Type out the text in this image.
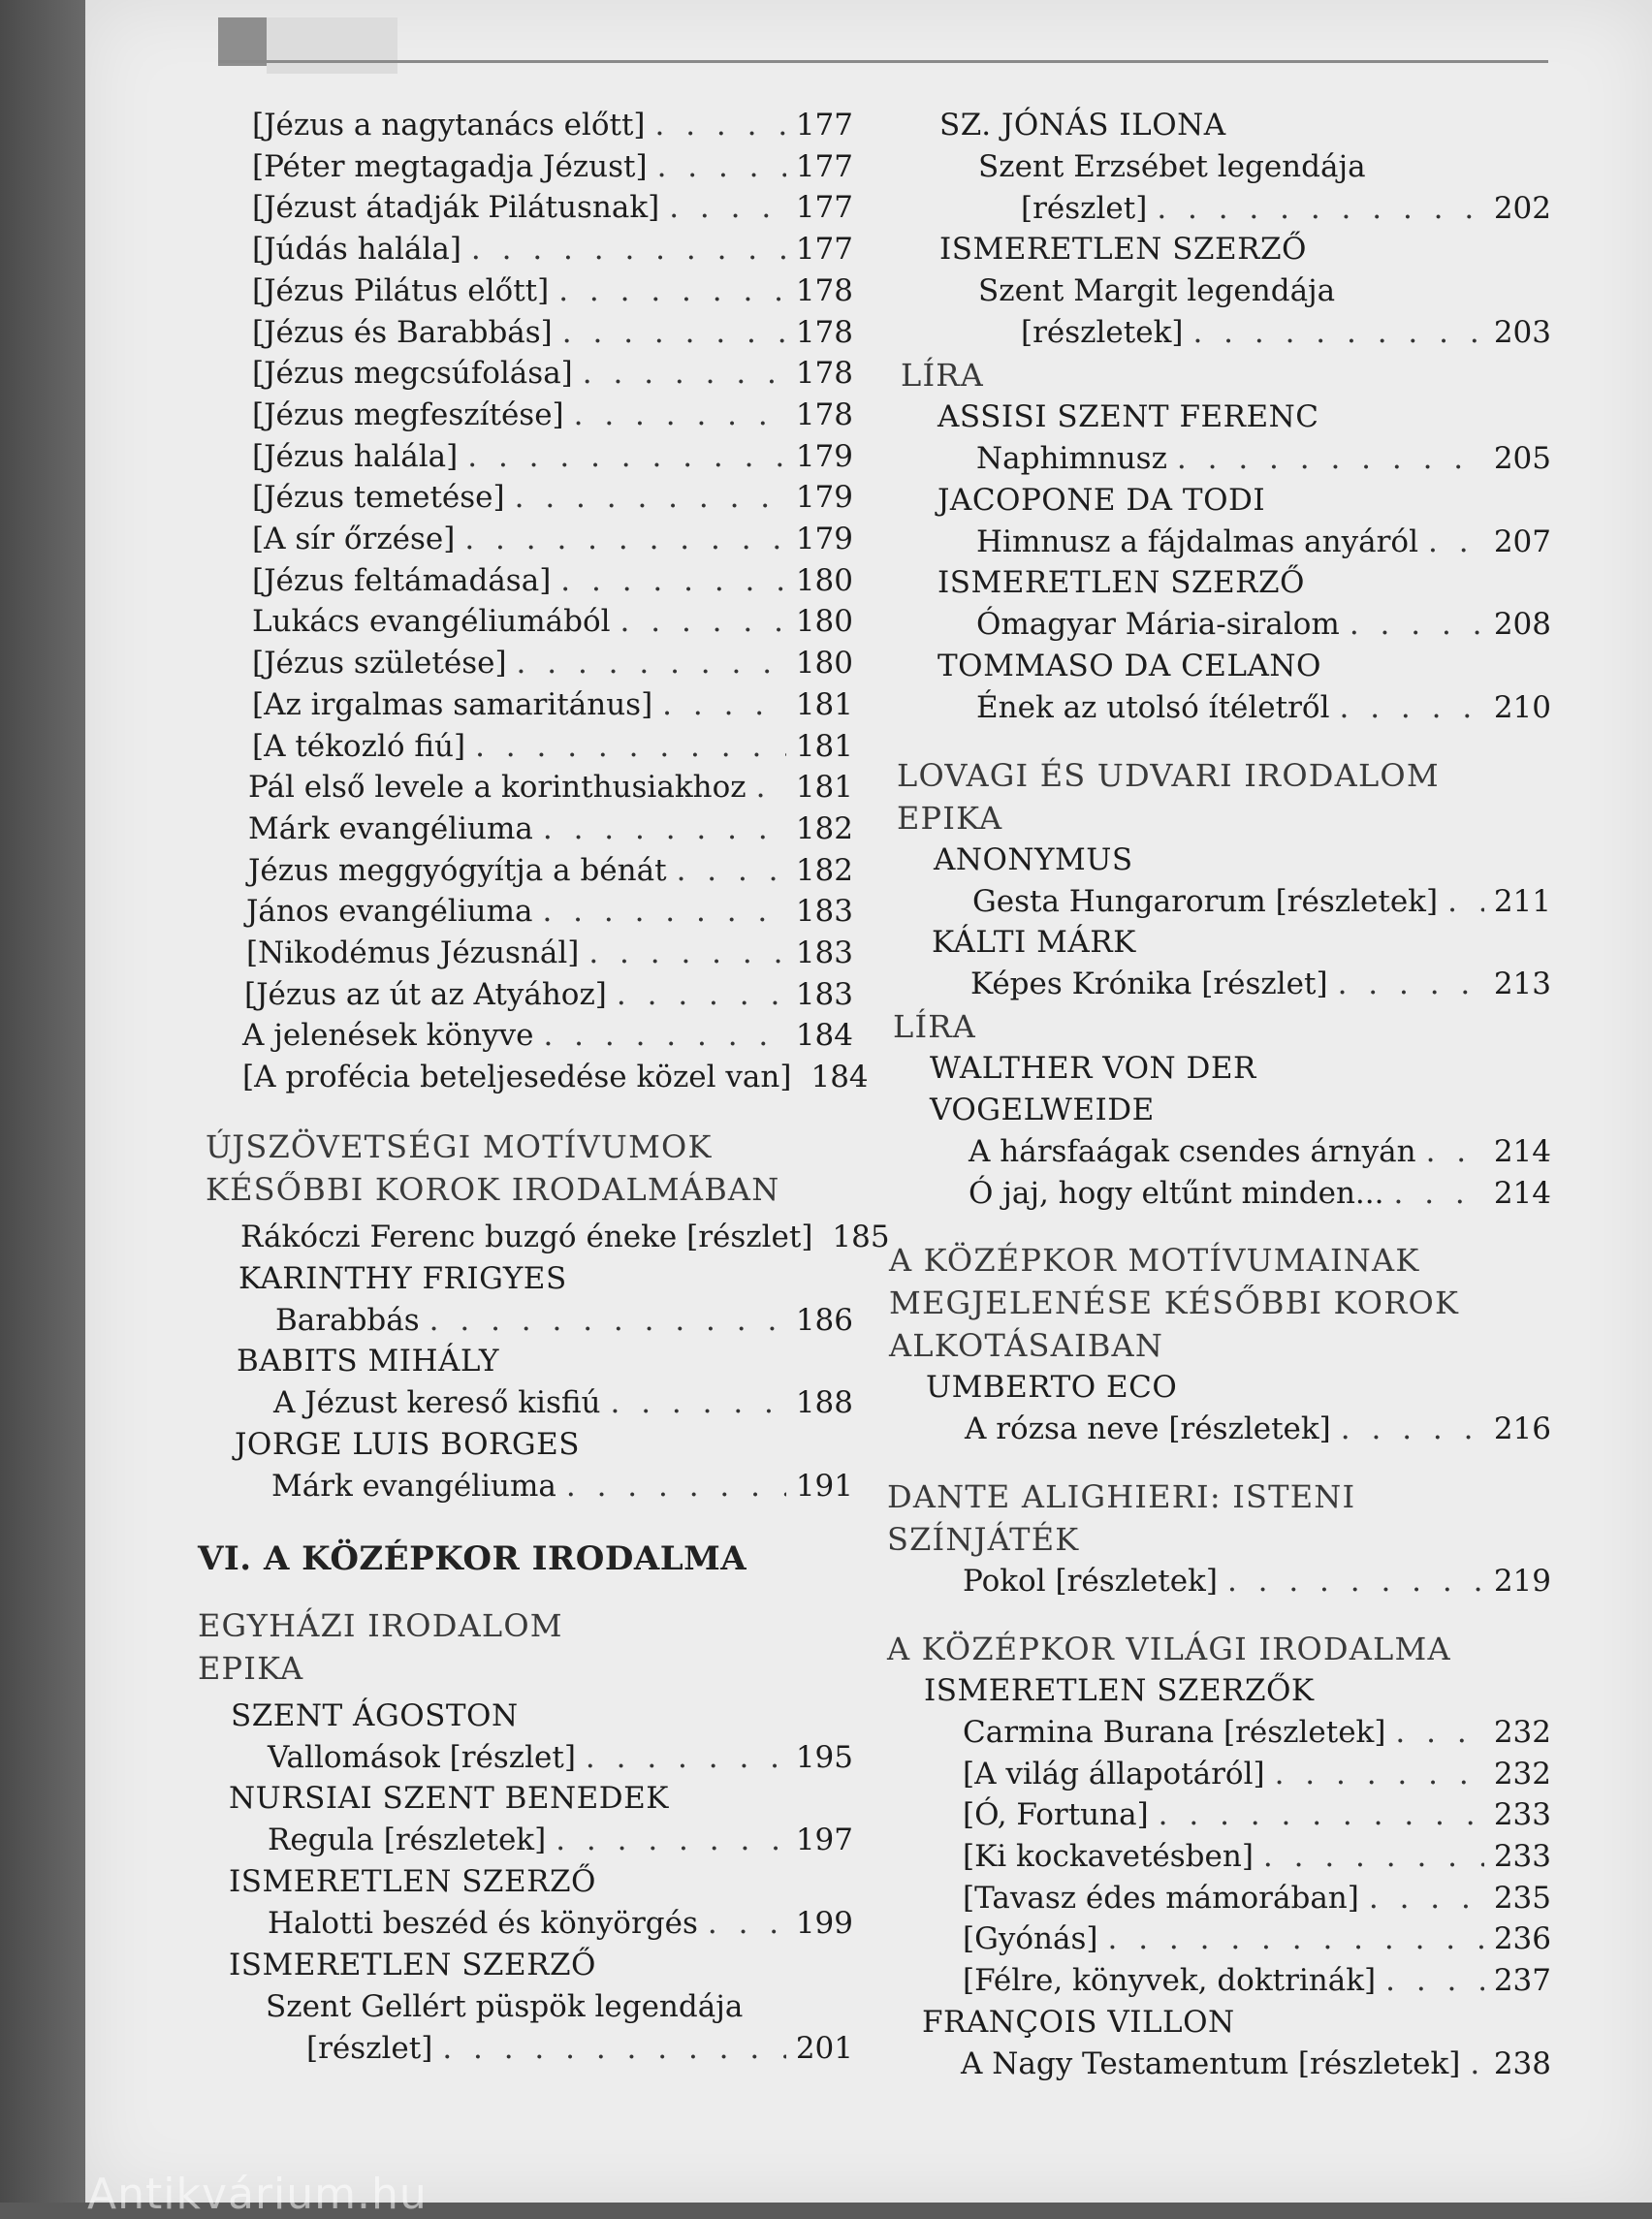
[Jézus a nagytanács előtt] . . .	177
[Péter megtagadja Jézust] . . .	177
[Jézust átadják Pilátusnak] . . .	177
[Júdás halála] . . .	177
[Jézus Pilátus előtt] . . .	178
[Jézus és Barabbás] . . .	178
[Jézus megcsúfolása] . . .	178
[Jézus megfeszítése] . . .	178
[Jézus halála] . . .	179
[Jézus temetése] . . .	179
[A sír őrzése] . . .	179
[Jézus feltámadása] . . .	180
Lukács evangéliumából . . .	180
[Jézus születése] . . .	180
[Az irgalmas samaritánus] . . .	181
[A tékozló fiú] . . .	181
Pál első levele a korinthusiakhoz . . . 181
Márk evangéliuma . . .	182
Jézus meggyógyítja a bénát . . .	182
János evangéliuma . . .	183
[Nikodémus Jézusnál] . . .	183
[Jézus az út az Atyához] . . .	183
A jelenések könyve . . .	184
[A profécia beteljesedése közel van] 184
ÚJSZÖVETSÉGI MOTÍVUMOK
KÉSŐBBI KOROK IRODALMÁBAN
Rákóczi Ferenc buzgó éneke [részlet] 185
KARINTHY FRIGYES
Barabbás . . .	186
BABITS MIHÁLY
A Jézust kereső kisfiú . . .	188
JORGE LUIS BORGES
Márk evangéliuma . . .	191
VI. A KÖZÉPKOR IRODALMA
EGYHÁZI IRODALOM
EPIKA
SZENT ÁGOSTON
Vallomások [részlet] . . .	195
NURSIAI SZENT BENEDEK
Regula [részletek] . . .	197
ISMERETLEN SZERZŐ
Halotti beszéd és könyörgés . . .	199
ISMERETLEN SZERZŐ
Szent Gellért püspök legendája
[részlet] . . .	201
SZ. JÓNÁS ILONA
Szent Erzsébet legendája
[részlet] . . .	202
ISMERETLEN SZERZŐ
Szent Margit legendája
[részletek] . . .	203
LÍRA
ASSISI SZENT FERENC
Naphimnusz . . .	205
JACOPONE DA TODI
Himnusz a fájdalmas anyáról . . .	207
ISMERETLEN SZERZŐ
Ómagyar Mária-siralom . . .	208
TOMMASO DA CELANO
Ének az utolsó ítéletről . . .	210
LOVAGI ÉS UDVARI IRODALOM
EPIKA
ANONYMUS
Gesta Hungarorum [részletek] . . . 211
KÁLTI MÁRK
Képes Krónika [részlet] . . .	213
LÍRA
WALTHER VON DER
VOGELWEIDE
A hársfaágak csendes árnyán . . .	214
Ó jaj, hogy eltűnt minden... . . .	214
A KÖZÉPKOR MOTÍVUMAINAK
MEGJELENÉSE KÉSŐBBI KOROK
ALKOTÁSAIBAN
UMBERTO ECO
A rózsa neve [részletek] . . .	216
DANTE ALIGHIERI: ISTENI SZÍNJÁTÉK
Pokol [részletek] . . .	219
A KÖZÉPKOR VILÁGI IRODALMA
ISMERETLEN SZERZŐK
Carmina Burana [részletek] . . .	232
[A világ állapotáról] . . .	232
[Ó, Fortuna] . . .	233
[Ki kockavetésben] . . .	233
[Tavasz édes mámorában] . . .	235
[Gyónás] . . .	236
[Félre, könyvek, doktrinák] . . .	237
FRANÇOIS VILLON
A Nagy Testamentum [részletek] . . . 238
Antikvárium.hu
